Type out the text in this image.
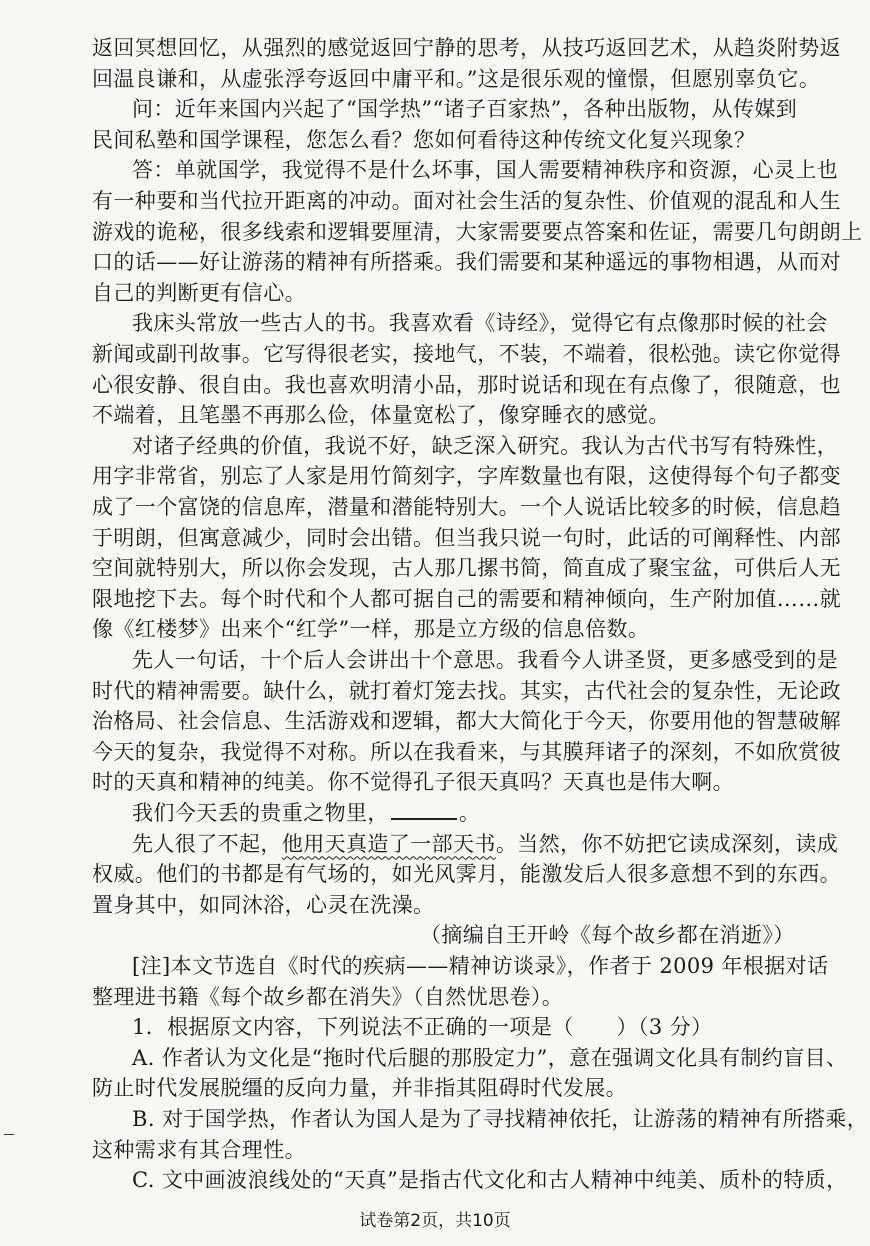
返回冥想回忆，从强烈的感觉返回宁静的思考，从技巧返回艺术，从趋炎附势返
回温良谦和，从虚张浮夸返回中庸平和。”这是很乐观的憧憬，但愿别辜负它。
问：近年来国内兴起了“国学热”“诸子百家热”，各种出版物，从传媒到
民间私塾和国学课程，您怎么看？您如何看待这种传统文化复兴现象？
答：单就国学，我觉得不是什么坏事，国人需要精神秩序和资源，心灵上也
有一种要和当代拉开距离的冲动。面对社会生活的复杂性、价值观的混乱和人生
游戏的诡秘，很多线索和逻辑要厘清，大家需要要点答案和佐证，需要几句朗朗上
口的话——好让游荡的精神有所搭乘。我们需要和某种遥远的事物相遇，从而对
自己的判断更有信心。
我床头常放一些古人的书。我喜欢看《诗经》，觉得它有点像那时候的社会
新闻或副刊故事。它写得很老实，接地气，不装，不端着，很松弛。读它你觉得
心很安静、很自由。我也喜欢明清小品，那时说话和现在有点像了，很随意，也
不端着，且笔墨不再那么俭，体量宽松了，像穿睡衣的感觉。
对诸子经典的价值，我说不好，缺乏深入研究。我认为古代书写有特殊性，
用字非常省，别忘了人家是用竹简刻字，字库数量也有限，这使得每个句子都变
成了一个富饶的信息库，潜量和潜能特别大。一个人说话比较多的时候，信息趋
于明朗，但寓意减少，同时会出错。但当我只说一句时，此话的可阐释性、内部
空间就特别大，所以你会发现，古人那几摞书简，简直成了聚宝盆，可供后人无
限地挖下去。每个时代和个人都可据自己的需要和精神倾向，生产附加值……就
像《红楼梦》出来个“红学”一样，那是立方级的信息倍数。
先人一句话，十个后人会讲出十个意思。我看今人讲圣贤，更多感受到的是
时代的精神需要。缺什么，就打着灯笼去找。其实，古代社会的复杂性，无论政
治格局、社会信息、生活游戏和逻辑，都大大简化于今天，你要用他的智慧破解
今天的复杂，我觉得不对称。所以在我看来，与其膜拜诸子的深刻，不如欣赏彼
时的天真和精神的纯美。你不觉得孔子很天真吗？天真也是伟大啊。
我们今天丢的贵重之物里，	。
先人很了不起，他用天真造了一部天书。当然，你不妨把它读成深刻，读成
权威。他们的书都是有气场的，如光风霁月，能激发后人很多意想不到的东西。
置身其中，如同沐浴，心灵在洗澡。
（摘编自王开岭《每个故乡都在消逝》）
[注]本文节选自《时代的疾病——精神访谈录》，作者于 2009 年根据对话
整理进书籍《每个故乡都在消失》（自然忧思卷）。
1．根据原文内容，下列说法不正确的一项是（　　）（3 分）
A. 作者认为文化是“拖时代后腿的那股定力”，意在强调文化具有制约盲目、
防止时代发展脱缰的反向力量，并非指其阻碍时代发展。
B. 对于国学热，作者认为国人是为了寻找精神依托，让游荡的精神有所搭乘，
这种需求有其合理性。
C. 文中画波浪线处的“天真”是指古代文化和古人精神中纯美、质朴的特质，
试卷第2页，共10页
